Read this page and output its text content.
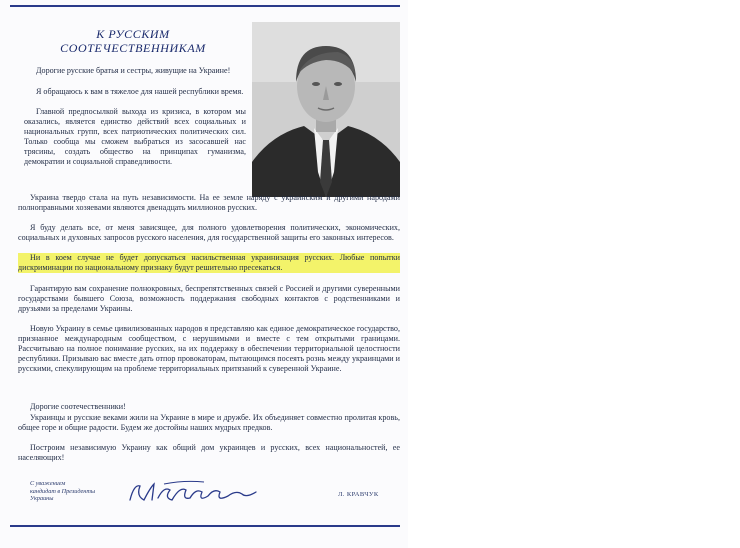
К РУССКИМ
СООТЕЧЕСТВЕННИКАМ

Дорогие русские братья и сестры, живущие на Украине!

Я обращаюсь к вам в тяжелое для нашей республики время.

Главной предпосылкой выхода из кризиса, в котором мы оказались, является единство действий всех социальных и национальных групп, всех патриотических политических сил. Только сообща мы сможем выбраться из засосавшей нас трясины, создать общество на принципах гуманизма, демократии и социальной справедливости.

Украина твердо стала на путь независимости. На ее земле наряду с украинским и другими народами полноправными хозяевами являются двенадцать миллионов русских.

Я буду делать все, от меня зависящее, для полного удовлетворения политических, экономических, социальных и духовных запросов русского населения, для государственной защиты его законных интересов.

Ни в коем случае не будет допускаться насильственная украинизация русских. Любые попытки дискриминации по национальному признаку будут решительно пресекаться.

Гарантирую вам сохранение полнокровных, беспрепятственных связей с Россией и другими суверенными государствами бывшего Союза, возможность поддержания свободных контактов с родственниками и друзьями за пределами Украины.

Новую Украину в семье цивилизованных народов я представляю как единое демократическое государство, признанное международным сообществом, с нерушимыми и вместе с тем открытыми границами. Рассчитываю на полное понимание русских, на их поддержку в обеспечении территориальной целостности республики. Призываю вас вместе дать отпор провокаторам, пытающимся посеять рознь между украинцами и русскими, спекулирующим на проблеме территориальных притязаний к суверенной Украине.

Дорогие соотечественники!

Украинцы и русские веками жили на Украине в мире и дружбе. Их объединяет совместно пролитая кровь, общее горе и общие радости. Будем же достойны наших мудрых предков.

Построим независимую Украину как общий дом украинцев и русских, всех национальностей, ее населяющих!

С уважением
кандидат в Президенты
Украины
Л. КРАВЧУК
